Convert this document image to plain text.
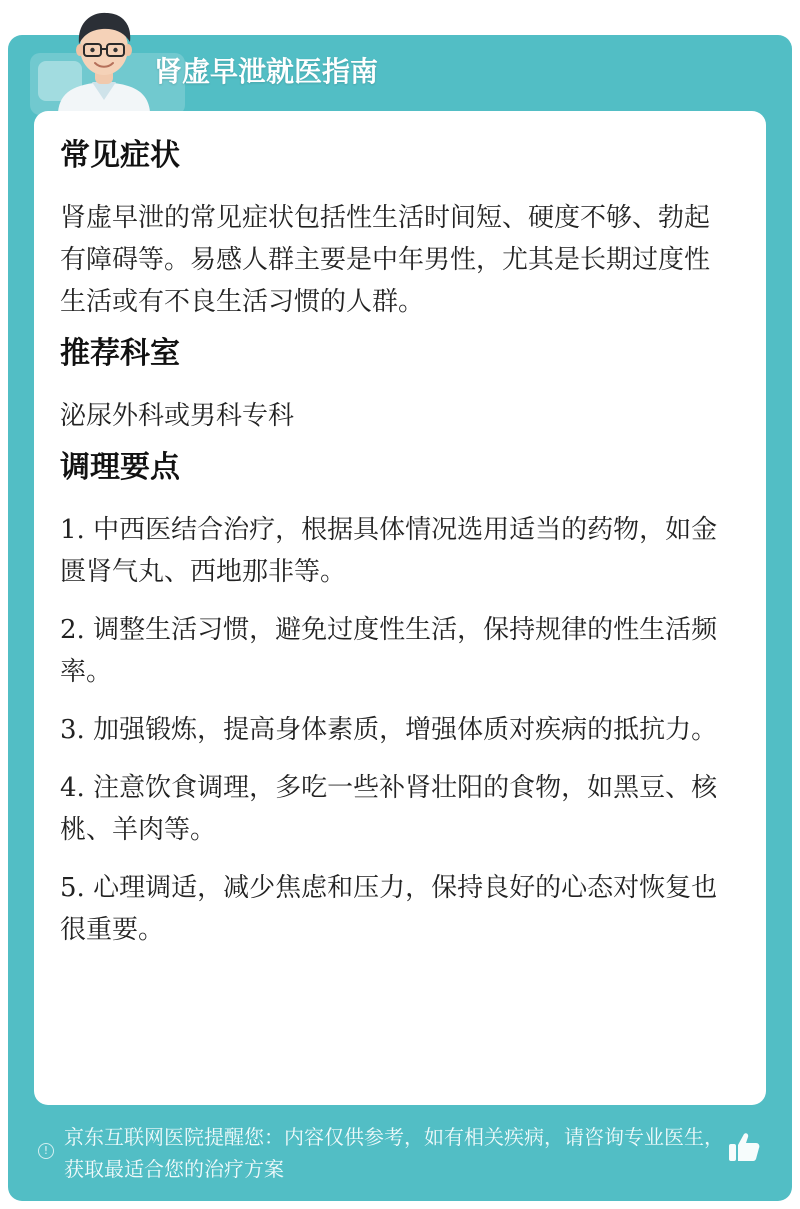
肾虚早泄就医指南
常见症状

肾虚早泄的常见症状包括性生活时间短、硬度不够、勃起有障碍等。易感人群主要是中年男性，尤其是长期过度性生活或有不良生活习惯的人群。

推荐科室

泌尿外科或男科专科

调理要点
1. 中西医结合治疗，根据具体情况选用适当的药物，如金匮肾气丸、西地那非等。
2. 调整生活习惯，避免过度性生活，保持规律的性生活频率。
3. 加强锻炼，提高身体素质，增强体质对疾病的抵抗力。
4. 注意饮食调理，多吃一些补肾壮阳的食物，如黑豆、核桃、羊肉等。
5. 心理调适，减少焦虑和压力，保持良好的心态对恢复也很重要。
!
京东互联网医院提醒您：内容仅供参考，如有相关疾病，请咨询专业医生，获取最适合您的治疗方案
